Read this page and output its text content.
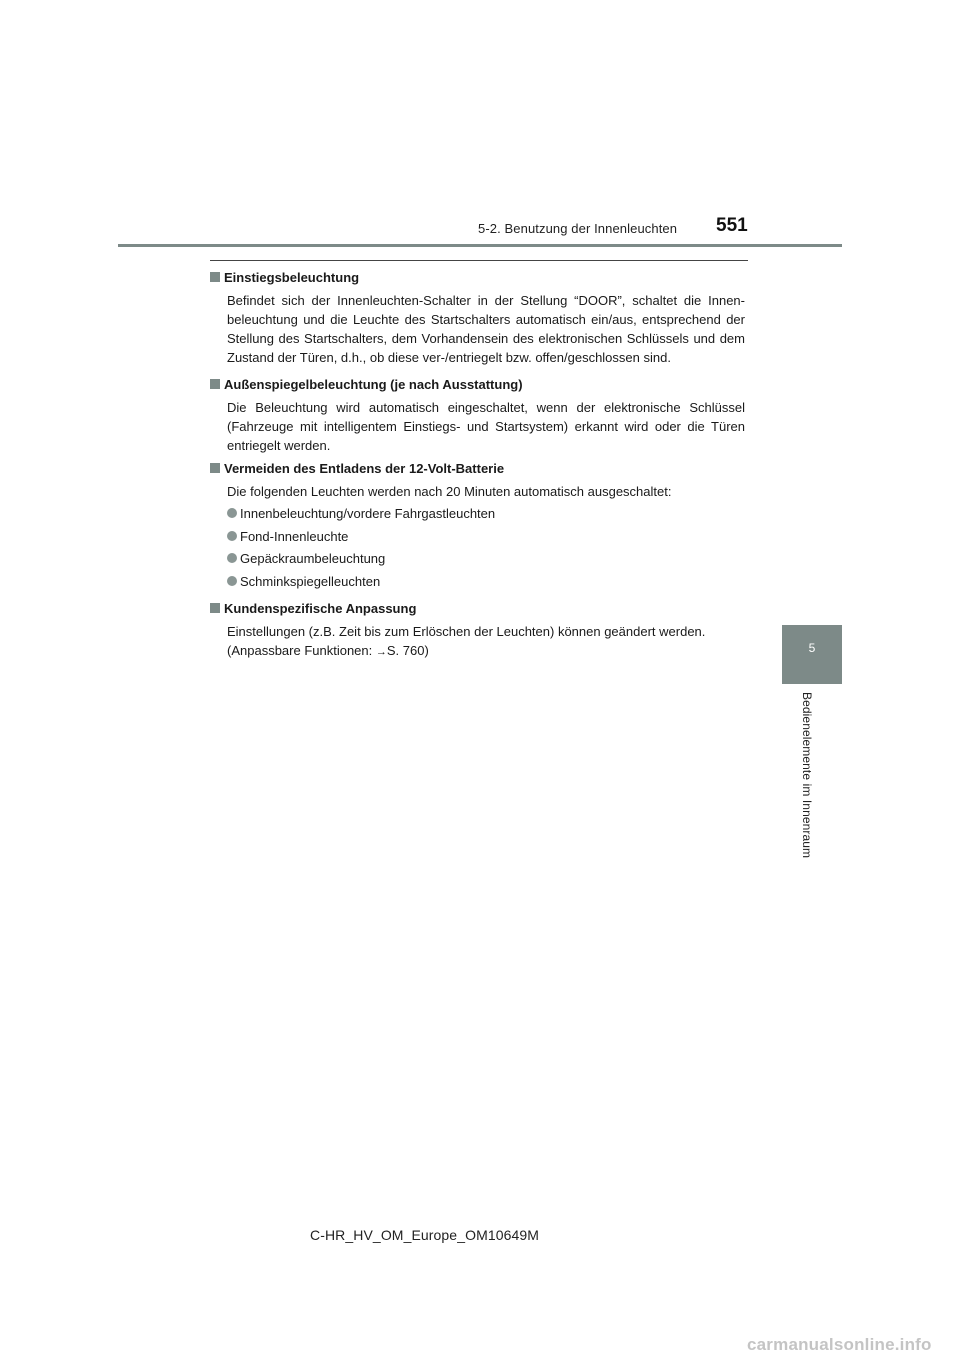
5-2. Benutzung der Innenleuchten 551
5
Bedienelemente im Innenraum
Einstiegsbeleuchtung

Befindet sich der Innenleuchten-Schalter in der Stellung “DOOR”, schaltet die Innen-beleuchtung und die Leuchte des Startschalters automatisch ein/aus, entsprechend der Stellung des Startschalters, dem Vorhandensein des elektronischen Schlüssels und dem Zustand der Türen, d.h., ob diese ver-/entriegelt bzw. offen/geschlossen sind.

Außenspiegelbeleuchtung (je nach Ausstattung)

Die Beleuchtung wird automatisch eingeschaltet, wenn der elektronische Schlüssel (Fahrzeuge mit intelligentem Einstiegs- und Startsystem) erkannt wird oder die Türen entriegelt werden.

Vermeiden des Entladens der 12-Volt-Batterie

Die folgenden Leuchten werden nach 20 Minuten automatisch ausgeschaltet:

Innenbeleuchtung/vordere Fahrgastleuchten
Fond-Innenleuchte
Gepäckraumbeleuchtung
Schminkspiegelleuchten
Kundenspezifische Anpassung

Einstellungen (z.B. Zeit bis zum Erlöschen der Leuchten) können geändert werden.
(Anpassbare Funktionen: →S. 760)

C-HR_HV_OM_Europe_OM10649M
carmanualsonline.info
